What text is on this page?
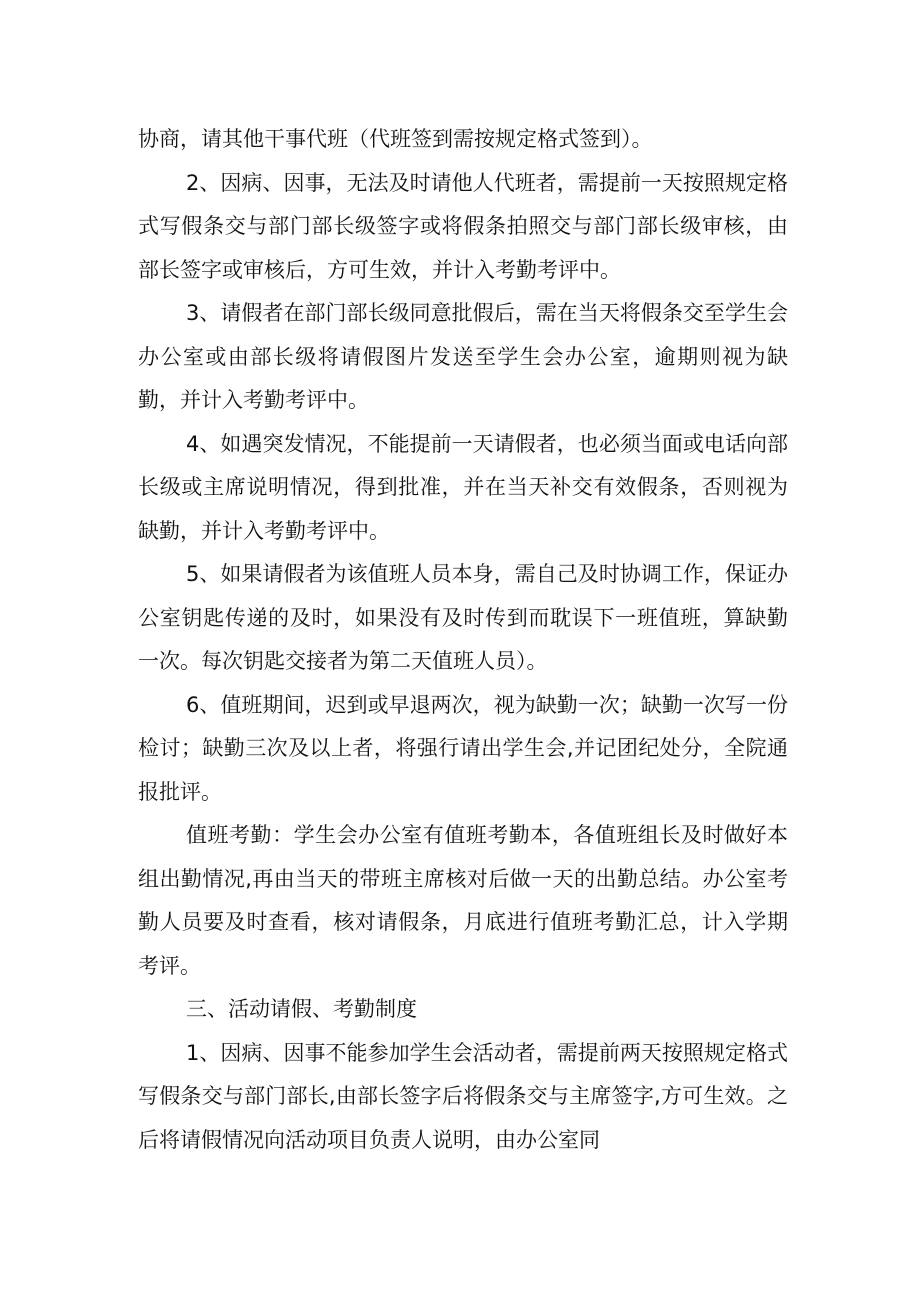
协商，请其他干事代班（代班签到需按规定格式签到）。

2、因病、因事，无法及时请他人代班者，需提前一天按照规定格式写假条交与部门部长级签字或将假条拍照交与部门部长级审核，由部长签字或审核后，方可生效，并计入考勤考评中。

3、请假者在部门部长级同意批假后，需在当天将假条交至学生会办公室或由部长级将请假图片发送至学生会办公室，逾期则视为缺勤，并计入考勤考评中。

4、如遇突发情况，不能提前一天请假者，也必须当面或电话向部长级或主席说明情况，得到批准，并在当天补交有效假条，否则视为缺勤，并计入考勤考评中。

5、如果请假者为该值班人员本身，需自己及时协调工作，保证办公室钥匙传递的及时，如果没有及时传到而耽误下一班值班，算缺勤一次。每次钥匙交接者为第二天值班人员）。

6、值班期间，迟到或早退两次，视为缺勤一次；缺勤一次写一份检讨；缺勤三次及以上者，将强行请出学生会,并记团纪处分，全院通报批评。

值班考勤：学生会办公室有值班考勤本，各值班组长及时做好本组出勤情况,再由当天的带班主席核对后做一天的出勤总结。办公室考勤人员要及时查看，核对请假条，月底进行值班考勤汇总，计入学期考评。

三、活动请假、考勤制度

1、因病、因事不能参加学生会活动者，需提前两天按照规定格式写假条交与部门部长,由部长签字后将假条交与主席签字,方可生效。之后将请假情况向活动项目负责人说明，由办公室同
